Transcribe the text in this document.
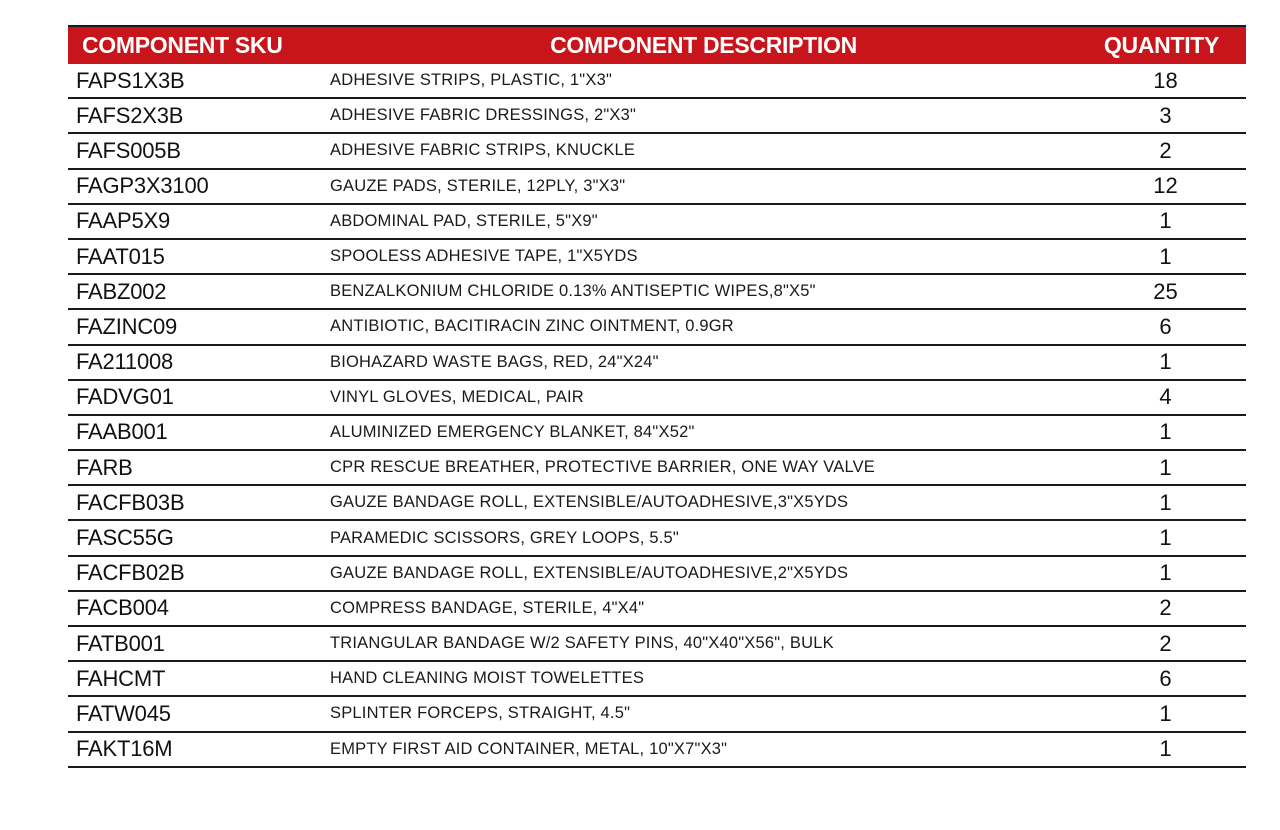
COMPONENT SKU	COMPONENT DESCRIPTION	QUANTITY
FAPS1X3B	ADHESIVE STRIPS, PLASTIC, 1"X3"	18
FAFS2X3B	ADHESIVE FABRIC DRESSINGS, 2"X3"	3
FAFS005B	ADHESIVE FABRIC STRIPS, KNUCKLE	2
FAGP3X3100	GAUZE PADS, STERILE, 12PLY, 3"X3"	12
FAAP5X9	ABDOMINAL PAD, STERILE, 5"X9"	1
FAAT015	SPOOLESS ADHESIVE TAPE, 1"X5YDS	1
FABZ002	BENZALKONIUM CHLORIDE 0.13% ANTISEPTIC WIPES,8"X5"	25
FAZINC09	ANTIBIOTIC, BACITIRACIN ZINC OINTMENT, 0.9GR	6
FA211008	BIOHAZARD WASTE BAGS, RED, 24"X24"	1
FADVG01	VINYL GLOVES, MEDICAL, PAIR	4
FAAB001	ALUMINIZED EMERGENCY BLANKET, 84"X52"	1
FARB	CPR RESCUE BREATHER, PROTECTIVE BARRIER, ONE WAY VALVE	1
FACFB03B	GAUZE BANDAGE ROLL, EXTENSIBLE/AUTOADHESIVE,3"X5YDS	1
FASC55G	PARAMEDIC SCISSORS, GREY LOOPS, 5.5"	1
FACFB02B	GAUZE BANDAGE ROLL, EXTENSIBLE/AUTOADHESIVE,2"X5YDS	1
FACB004	COMPRESS BANDAGE, STERILE, 4"X4"	2
FATB001	TRIANGULAR BANDAGE W/2 SAFETY PINS, 40"X40"X56", BULK	2
FAHCMT	HAND CLEANING MOIST TOWELETTES	6
FATW045	SPLINTER FORCEPS, STRAIGHT, 4.5"	1
FAKT16M	EMPTY FIRST AID CONTAINER, METAL, 10"X7"X3"	1
